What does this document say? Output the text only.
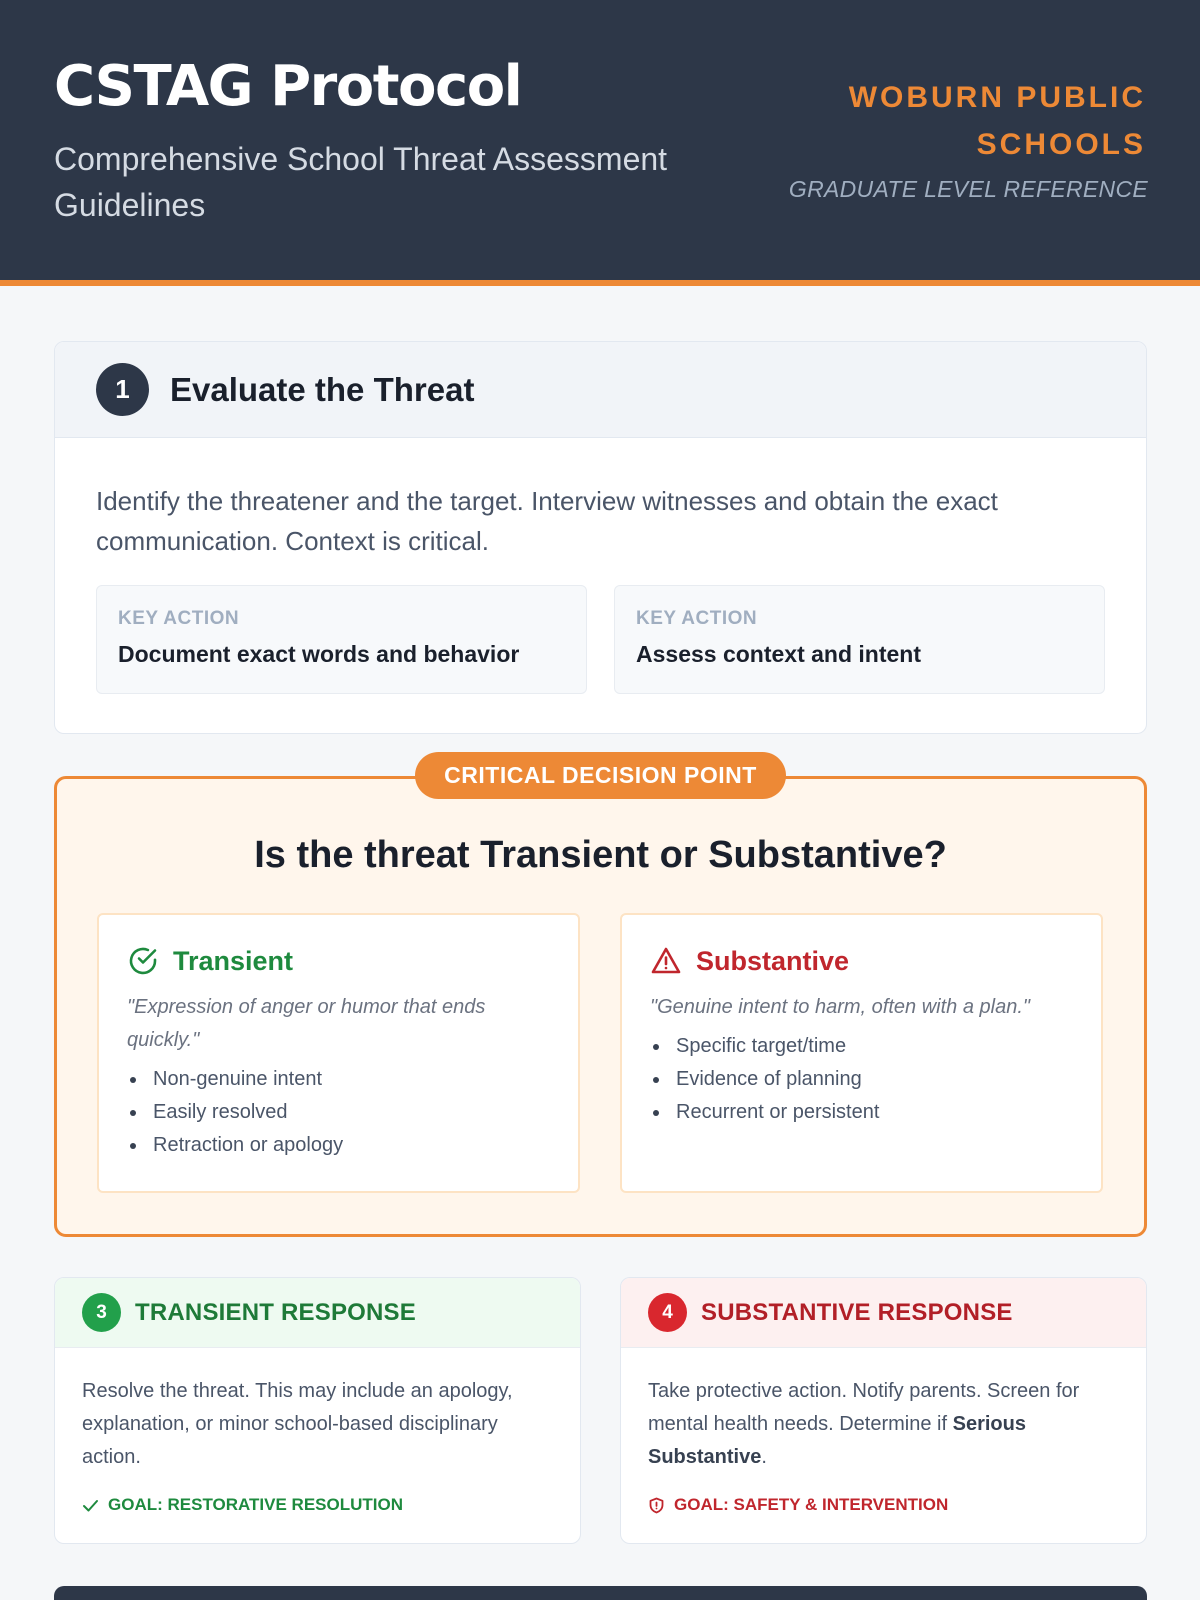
CSTAG Protocol
Comprehensive School Threat Assessment Guidelines
WOBURN PUBLIC SCHOOLS
GRADUATE LEVEL REFERENCE
1	Evaluate the Threat
Identify the threatener and the target. Interview witnesses and obtain the exact communication. Context is critical.
KEY ACTION
Document exact words and behavior
KEY ACTION
Assess context and intent
CRITICAL DECISION POINT
Is the threat Transient or Substantive?
Transient
"Expression of anger or humor that ends quickly."
Non-genuine intent
Easily resolved
Retraction or apology
Substantive
"Genuine intent to harm, often with a plan."
Specific target/time
Evidence of planning
Recurrent or persistent
3	TRANSIENT RESPONSE
Resolve the threat. This may include an apology, explanation, or minor school-based disciplinary action.
GOAL: RESTORATIVE RESOLUTION
4	SUBSTANTIVE RESPONSE
Take protective action. Notify parents. Screen for mental health needs. Determine if Serious Substantive.
GOAL: SAFETY & INTERVENTION
